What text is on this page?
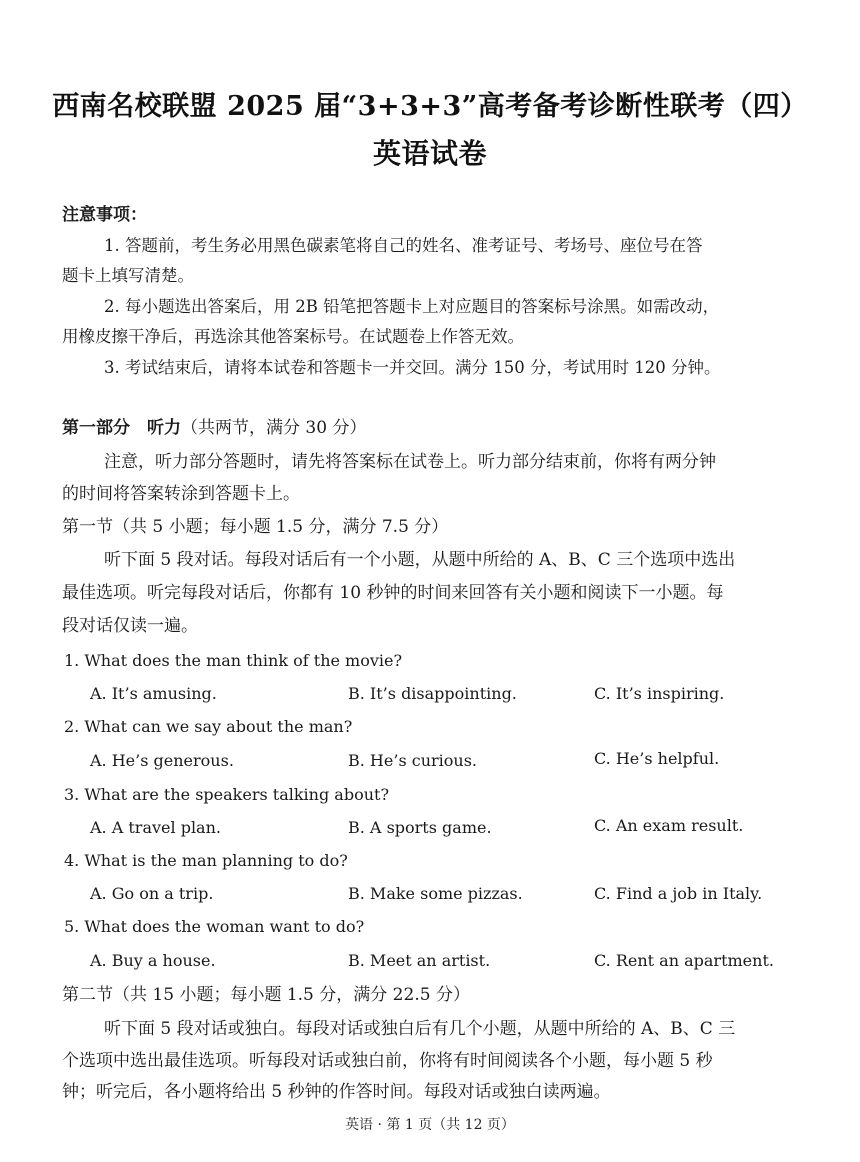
西南名校联盟 2025 届“3+3+3”高考备考诊断性联考（四）
英语试卷
注意事项：
1. 答题前，考生务必用黑色碳素笔将自己的姓名、准考证号、考场号、座位号在答
题卡上填写清楚。
2. 每小题选出答案后，用 2B 铅笔把答题卡上对应题目的答案标号涂黑。如需改动，
用橡皮擦干净后，再选涂其他答案标号。在试题卷上作答无效。
3. 考试结束后，请将本试卷和答题卡一并交回。满分 150 分，考试用时 120 分钟。
第一部分　听力（共两节，满分 30 分）
注意，听力部分答题时，请先将答案标在试卷上。听力部分结束前，你将有两分钟
的时间将答案转涂到答题卡上。
第一节（共 5 小题；每小题 1.5 分，满分 7.5 分）
听下面 5 段对话。每段对话后有一个小题，从题中所给的 A、B、C 三个选项中选出
最佳选项。听完每段对话后，你都有 10 秒钟的时间来回答有关小题和阅读下一小题。每
段对话仅读一遍。
1. What does the man think of the movie?
A. It’s amusing.	B. It’s disappointing.	C. It’s inspiring.
2. What can we say about the man?
A. He’s generous.	B. He’s curious.	C. He’s helpful.
3. What are the speakers talking about?
A. A travel plan.	B. A sports game.	C. An exam result.
4. What is the man planning to do?
A. Go on a trip.	B. Make some pizzas.	C. Find a job in Italy.
5. What does the woman want to do?
A. Buy a house.	B. Meet an artist.	C. Rent an apartment.
第二节（共 15 小题；每小题 1.5 分，满分 22.5 分）
听下面 5 段对话或独白。每段对话或独白后有几个小题，从题中所给的 A、B、C 三
个选项中选出最佳选项。听每段对话或独白前，你将有时间阅读各个小题，每小题 5 秒
钟；听完后，各小题将给出 5 秒钟的作答时间。每段对话或独白读两遍。
英语 · 第 1 页（共 12 页）
